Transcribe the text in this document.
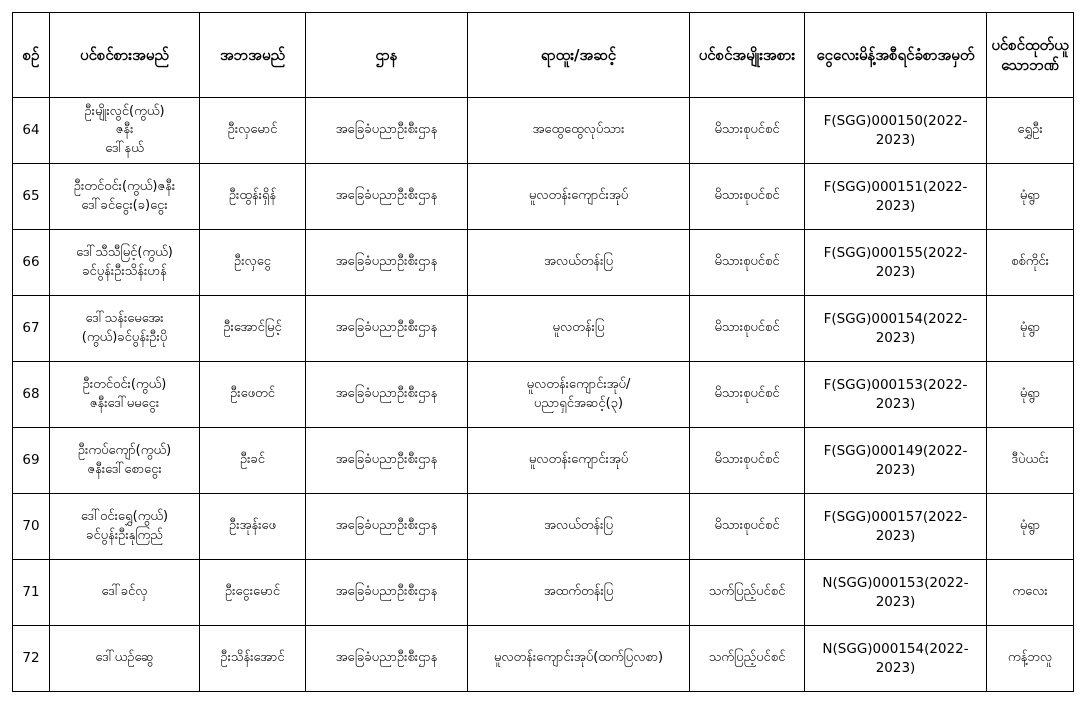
စဉ်	ပင်စင်စားအမည်	အဘအမည်	ဌာန	ရာထူး/အဆင့်	ပင်စင်အမျိုးအစား	ငွေလေးမိန့်အစီရင်ခံစာအမှတ်	ပင်စင်ထုတ်ယူသောဘဏ်
64	ဦးမျိုးလွင်(ကွယ်)
ဇနီး
ဒေါ်နယ်	ဦးလှမောင်	အခြေခံပညာဦးစီးဌာန	အထွေထွေလုပ်သား	မိသားစုပင်စင်	F(SGG)000150(2022-2023)	ရွှေဦး
65	ဦးတင်ဝင်း(ကွယ်)ဇနီး
ဒေါ်ခင်ငွေး(ခ)ငွေး	ဦးထွန်းရှိန်	အခြေခံပညာဦးစီးဌာန	မူလတန်းကျောင်းအုပ်	မိသားစုပင်စင်	F(SGG)000151(2022-2023)	မုံရွာ
66	ဒေါ်သီသီမြင့်(ကွယ်)
ခင်ပွန်းဦးသိန်းဟန်	ဦးလှငွေ	အခြေခံပညာဦးစီးဌာန	အလယ်တန်းပြ	မိသားစုပင်စင်	F(SGG)000155(2022-2023)	စစ်ကိုင်း
67	ဒေါ်သန်းမေအေး
(ကွယ်)ခင်ပွန်းဦးပို	ဦးအောင်မြင့်	အခြေခံပညာဦးစီးဌာန	မူလတန်းပြ	မိသားစုပင်စင်	F(SGG)000154(2022-2023)	မုံရွာ
68	ဦးတင်ဝင်း(ကွယ်)
ဇနီးဒေါ်မမငွေး	ဦးဖေတင်	အခြေခံပညာဦးစီးဌာန	မူလတန်းကျောင်းအုပ်/
ပညာရှင်အဆင့်(၃)	မိသားစုပင်စင်	F(SGG)000153(2022-2023)	မုံရွာ
69	ဦးကပ်ကျော်(ကွယ်)
ဇနီးဒေါ်စောငွေး	ဦးခင်	အခြေခံပညာဦးစီးဌာန	မူလတန်းကျောင်းအုပ်	မိသားစုပင်စင်	F(SGG)000149(2022-2023)	ဒီပဲယင်း
70	ဒေါ်ဝင်းရွှေ(ကွယ်)
ခင်ပွန်းဦးနုကြည်	ဦးအုန်းဖေ	အခြေခံပညာဦးစီးဌာန	အလယ်တန်းပြ	မိသားစုပင်စင်	F(SGG)000157(2022-2023)	မုံရွာ
71	ဒေါ်ခင်လှ	ဦးငွေးမောင်	အခြေခံပညာဦးစီးဌာန	အထက်တန်းပြ	သက်ပြည့်ပင်စင်	N(SGG)000153(2022-2023)	ကလေး
72	ဒေါ်ယဉ်ဆွေ	ဦးသိန်းအောင်	အခြေခံပညာဦးစီးဌာန	မူလတန်းကျောင်းအုပ်(ထက်ပြလစာ)	သက်ပြည့်ပင်စင်	N(SGG)000154(2022-2023)	ကန့်ဘလူ
